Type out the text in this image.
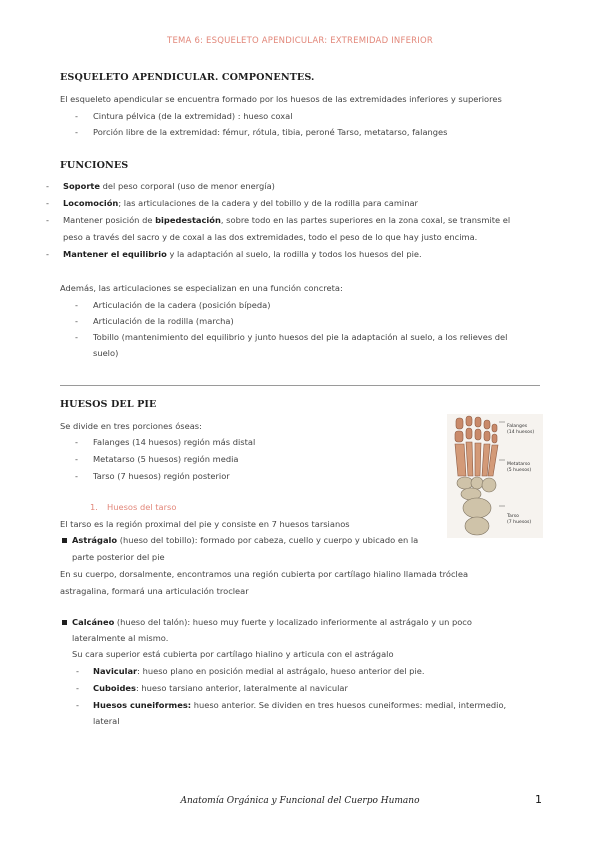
TEMA 6: ESQUELETO APENDICULAR: EXTREMIDAD INFERIOR
ESQUELETO APENDICULAR. COMPONENTES.
El esqueleto apendicular se encuentra formado por los huesos de las extremidades inferiores y superiores
- Cintura pélvica (de la extremidad) : hueso coxal
- Porción libre de la extremidad: fémur, rótula, tibia, peroné Tarso, metatarso, falanges
FUNCIONES
- Soporte del peso corporal (uso de menor energía)
- Locomoción; las articulaciones de la cadera y del tobillo y de la rodilla para caminar
- Mantener posición de bipedestación, sobre todo en las partes superiores en la zona coxal, se transmite el
peso a través del sacro y de coxal a las dos extremidades, todo el peso de lo que hay justo encima.
- Mantener el equilibrio y la adaptación al suelo, la rodilla y todos los huesos del pie.
Además, las articulaciones se especializan en una función concreta:
- Articulación de la cadera (posición bípeda)
- Articulación de la rodilla (marcha)
- Tobillo (mantenimiento del equilibrio y junto huesos del pie la adaptación al suelo, a los relieves del
suelo)
HUESOS DEL PIE
Se divide en tres porciones óseas:
- Falanges (14 huesos) región más distal
- Metatarso (5 huesos) región media
- Tarso (7 huesos) región posterior
1. Huesos del tarso
El tarso es la región proximal del pie y consiste en 7 huesos tarsianos
Astrágalo (hueso del tobillo): formado por cabeza, cuello y cuerpo y ubicado en la
parte posterior del pie
En su cuerpo, dorsalmente, encontramos una región cubierta por cartílago hialino llamada tróclea
astragalina, formará una articulación troclear
Calcáneo (hueso del talón): hueso muy fuerte y localizado inferiormente al astrágalo y un poco
lateralmente al mismo.
Su cara superior está cubierta por cartílago hialino y articula con el astrágalo
- Navicular: hueso plano en posición medial al astrágalo, hueso anterior del pie.
- Cuboides: hueso tarsiano anterior, lateralmente al navicular
- Huesos cuneiformes: hueso anterior. Se dividen en tres huesos cuneiformes: medial, intermedio,
lateral
Falanges
(14 huesos)
Metatarso
(5 huesos)
Tarso
(7 huesos)
Anatomía Orgánica y Funcional del Cuerpo Humano	1
